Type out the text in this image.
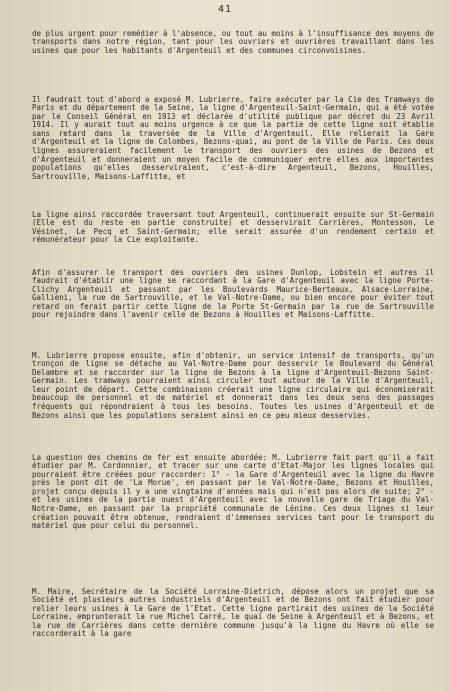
41

de plus urgent pour remédier à l'absence, ou tout au moins à l'insuffisance des moyens de transports dans notre région, tant pour les ouvriers et ouvrières travaillant dans les usines que pour les habitants d'Argenteuil et des communes circonvoisines.

Il faudrait tout d'abord a exposé M. Lubrierre, faire exécuter par la Cie des Tramways de Paris et du département de la Seine, la ligne d'Argenteuil-Saint-Germain, qui a été votée par le Conseil Général en 1913 et déclarée d'utilité publique par décret du 23 Avril 1914. Il y aurait tout au moins urgence à ce que la partie de cette ligne soit établie sans retard dans la traversée de la Ville d'Argenteuil. Elle relierait la Gare d'Argenteuil et la ligne de Colombes, Bezons-quai, au pont de la Ville de Paris. Ces deux lignes assureraient facilement le transport des ouvriers des usines de Bezons et d'Argenteuil et donneraient un moyen facile de communiquer entre elles aux importantes populations qu'elles desserviraient, c'est-à-dire Argenteuil, Bezons, Houilles, Sartrouville, Maisons-Laffitte, et

La ligne ainsi raccordée traversant tout Argenteuil, continuerait ensuite sur St-Germain (Elle est du reste en partie construite) et desservirait Carrières, Montesson, Le Vésinet, Le Pecq et Saint-Germain; elle serait assurée d'un rendement certain et rémunérateur pour la Cie exploitante.

Afin d'assurer le transport des ouvriers des usines Dunlop, Lobstein et autres il faudrait d'établir une ligne se raccordant à la Gare d'Argenteuil avec la ligne Porte-Clichy Argenteuil et passant par les Boulevards Maurice-Berteaux, Alsace-Lorraine, Gallieni, la rue de Sartrouville, et le Val-Notre-Dame, ou bien encore pour éviter tout retard on ferait partir cette ligne de la Porte St-Germain par la rue de Sartrouville pour rejoindre dans l'avenir celle de Bezons à Houilles et Maisons-Laffitte.

M. Lubrierre propose ensuite, afin d'obtenir, un service intensif de transports, qu'un tronçon de ligne se détache au Val-Notre-Dame pour desservir le Boulevard du Général Delambre et se raccorder sur la ligne de Bezons à la ligne d'Argenteuil-Bezons Saint-Germain. Les tramways pourraient ainsi circuler tout autour de la Ville d'Argenteuil, leur point de départ. Cette combinaison créerait une ligne circulaire qui économiserait beaucoup de personnel et de matériel et donnerait dans les deux sens des passages fréquents qui répondraient à tous les besoins. Toutes les usines d'Argenteuil et de Bezons ainsi que les populations seraient ainsi en ce peu mieux desservies.

La question des chemins de fer est ensuite abordée: M. Lubrierre fait part qu'il a fait étudier par M. Cordonnier, et tracer sur une carte d'Etat-Major les lignes locales qui pourraient être créées pour raccorder: 1° - la Gare d'Argenteuil avec la ligne du Havre près le pont dit de 'La Morue', en passant par le Val-Notre-Dame, Bezons et Houilles, projet conçu depuis il y a une vingtaine d'années mais qui n'est pas alors de suite; 2° - et les usines de la partie ouest d'Argenteuil avec la nouvelle gare de Triage du Val-Notre-Dame, en passant par la propriété communale de Lénine. Ces deux lignes si leur création pouvait être obtenue, rendraient d'immenses services tant pour le transport du matériel que pour celui du personnel.

M. Maire, Secrétaire de la Société Lorraine-Dietrich, dépose alors un projet que sa Société et plusieurs autres industriels d'Argenteuil et de Bezons ont fait étudier pour relier leurs usines à la Gare de l'Etat. Cette ligne partirait des usines de la Société Lorraine, emprunterait la rue Michel Carré, le quai de Seine à Argenteuil et à Bezons, et la rue de Carrières dans cette dernière commune jusqu'à la ligne du Havre où elle se raccorderait à la gare
